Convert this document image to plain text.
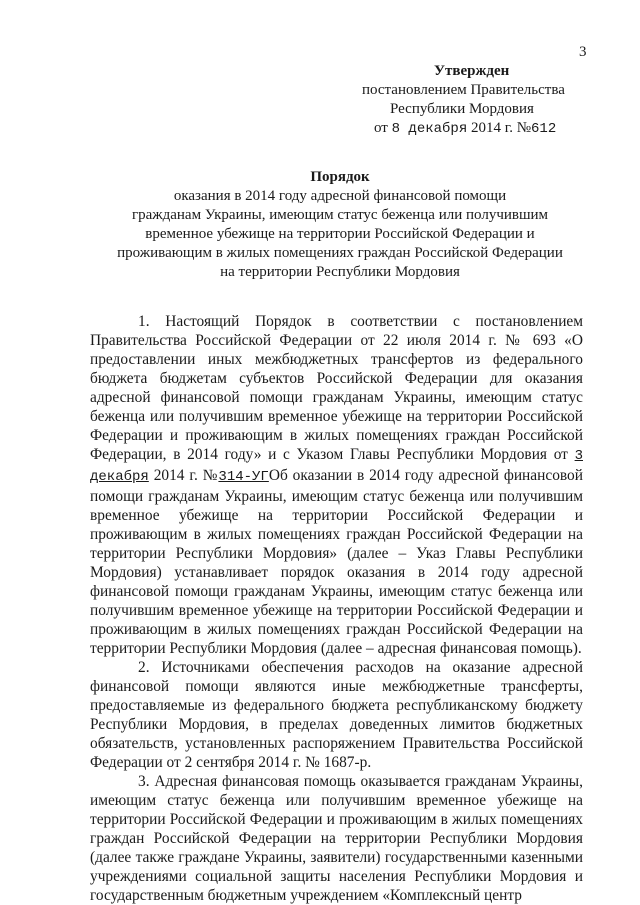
3
Утвержден
постановлением Правительства
Республики Мордовия
от 8 декабря 2014 г. №612
Порядок
оказания в 2014 году адресной финансовой помощи
гражданам Украины, имеющим статус беженца или получившим
временное убежище на территории Российской Федерации и
проживающим в жилых помещениях граждан Российской Федерации
на территории Республики Мордовия

1. Настоящий Порядок в соответствии с постановлением Правительства Российской Федерации от 22 июля 2014 г. № 693 «О предоставлении иных межбюджетных трансфертов из федерального бюджета бюджетам субъектов Российской Федерации для оказания адресной финансовой помощи гражданам Украины, имеющим статус беженца или получившим временное убежище на территории Российской Федерации и проживающим в жилых помещениях граждан Российской Федерации, в 2014 году» и с Указом Главы Республики Мордовия от 3 декабря 2014 г. №314-УГОб оказании в 2014 году адресной финансовой помощи гражданам Украины, имеющим статус беженца или получившим временное убежище на территории Российской Федерации и проживающим в жилых помещениях граждан Российской Федерации на территории Республики Мордовия» (далее – Указ Главы Республики Мордовия) устанавливает порядок оказания в 2014 году адресной финансовой помощи гражданам Украины, имеющим статус беженца или получившим временное убежище на территории Российской Федерации и проживающим в жилых помещениях граждан Российской Федерации на территории Республики Мордовия (далее – адресная финансовая помощь).

2. Источниками обеспечения расходов на оказание адресной финансовой помощи являются иные межбюджетные трансферты, предоставляемые из федерального бюджета республиканскому бюджету Республики Мордовия, в пределах доведенных лимитов бюджетных обязательств, установленных распоряжением Правительства Российской Федерации от 2 сентября 2014 г. № 1687-р.

3. Адресная финансовая помощь оказывается гражданам Украины, имеющим статус беженца или получившим временное убежище на территории Российской Федерации и проживающим в жилых помещениях граждан Российской Федерации на территории Республики Мордовия (далее также граждане Украины, заявители) государственными казенными учреждениями социальной защиты населения Республики Мордовия и государственным бюджетным учреждением «Комплексный центр
